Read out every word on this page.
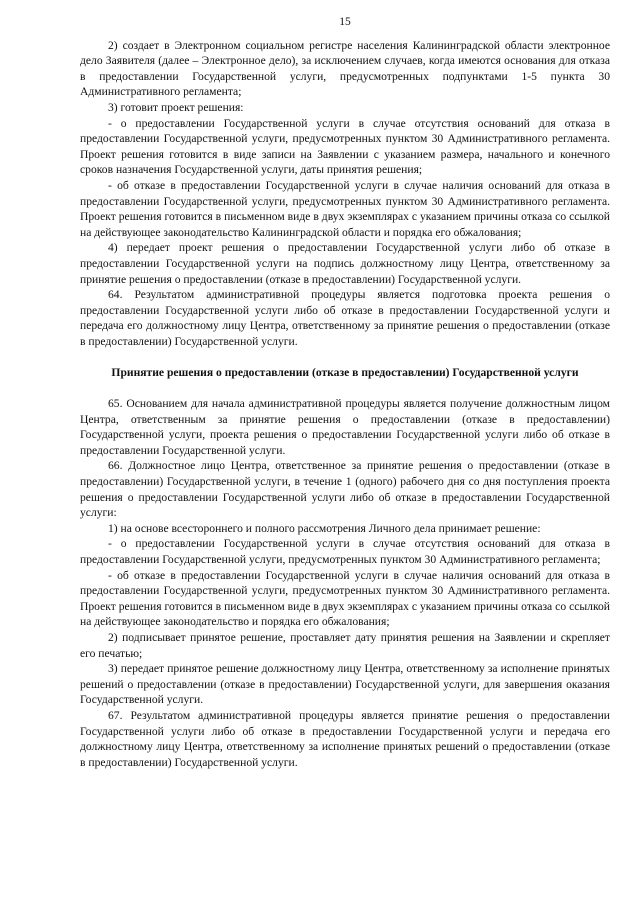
15

2) создает в Электронном социальном регистре населения Калининградской области электронное дело Заявителя (далее – Электронное дело), за исключением случаев, когда имеются основания для отказа в предоставлении Государственной услуги, предусмотренных подпунктами 1-5 пункта 30 Административного регламента;

3) готовит проект решения:

- о предоставлении Государственной услуги в случае отсутствия оснований для отказа в предоставлении Государственной услуги, предусмотренных пунктом 30 Административного регламента. Проект решения готовится в виде записи на Заявлении с указанием размера, начального и конечного сроков назначения Государственной услуги, даты принятия решения;

- об отказе в предоставлении Государственной услуги в случае наличия оснований для отказа в предоставлении Государственной услуги, предусмотренных пунктом 30 Административного регламента. Проект решения готовится в письменном виде в двух экземплярах с указанием причины отказа со ссылкой на действующее законодательство Калининградской области и порядка его обжалования;

4) передает проект решения о предоставлении Государственной услуги либо об отказе в предоставлении Государственной услуги на подпись должностному лицу Центра, ответственному за принятие решения о предоставлении (отказе в предоставлении) Государственной услуги.

64. Результатом административной процедуры является подготовка проекта решения о предоставлении Государственной услуги либо об отказе в предоставлении Государственной услуги и передача его должностному лицу Центра, ответственному за принятие решения о предоставлении (отказе в предоставлении) Государственной услуги.

Принятие решения о предоставлении (отказе в предоставлении) Государственной услуги

65. Основанием для начала административной процедуры является получение должностным лицом Центра, ответственным за принятие решения о предоставлении (отказе в предоставлении) Государственной услуги, проекта решения о предоставлении Государственной услуги либо об отказе в предоставлении Государственной услуги.

66. Должностное лицо Центра, ответственное за принятие решения о предоставлении (отказе в предоставлении) Государственной услуги, в течение 1 (одного) рабочего дня со дня поступления проекта решения о предоставлении Государственной услуги либо об отказе в предоставлении Государственной услуги:

1) на основе всестороннего и полного рассмотрения Личного дела принимает решение:

- о предоставлении Государственной услуги в случае отсутствия оснований для отказа в предоставлении Государственной услуги, предусмотренных пунктом 30 Административного регламента;

- об отказе в предоставлении Государственной услуги в случае наличия оснований для отказа в предоставлении Государственной услуги, предусмотренных пунктом 30 Административного регламента. Проект решения готовится в письменном виде в двух экземплярах с указанием причины отказа со ссылкой на действующее законодательство и порядка его обжалования;

2) подписывает принятое решение, проставляет дату принятия решения на Заявлении и скрепляет его печатью;

3) передает принятое решение должностному лицу Центра, ответственному за исполнение принятых решений о предоставлении (отказе в предоставлении) Государственной услуги, для завершения оказания Государственной услуги.

67. Результатом административной процедуры является принятие решения о предоставлении Государственной услуги либо об отказе в предоставлении Государственной услуги и передача его должностному лицу Центра, ответственному за исполнение принятых решений о предоставлении (отказе в предоставлении) Государственной услуги.
